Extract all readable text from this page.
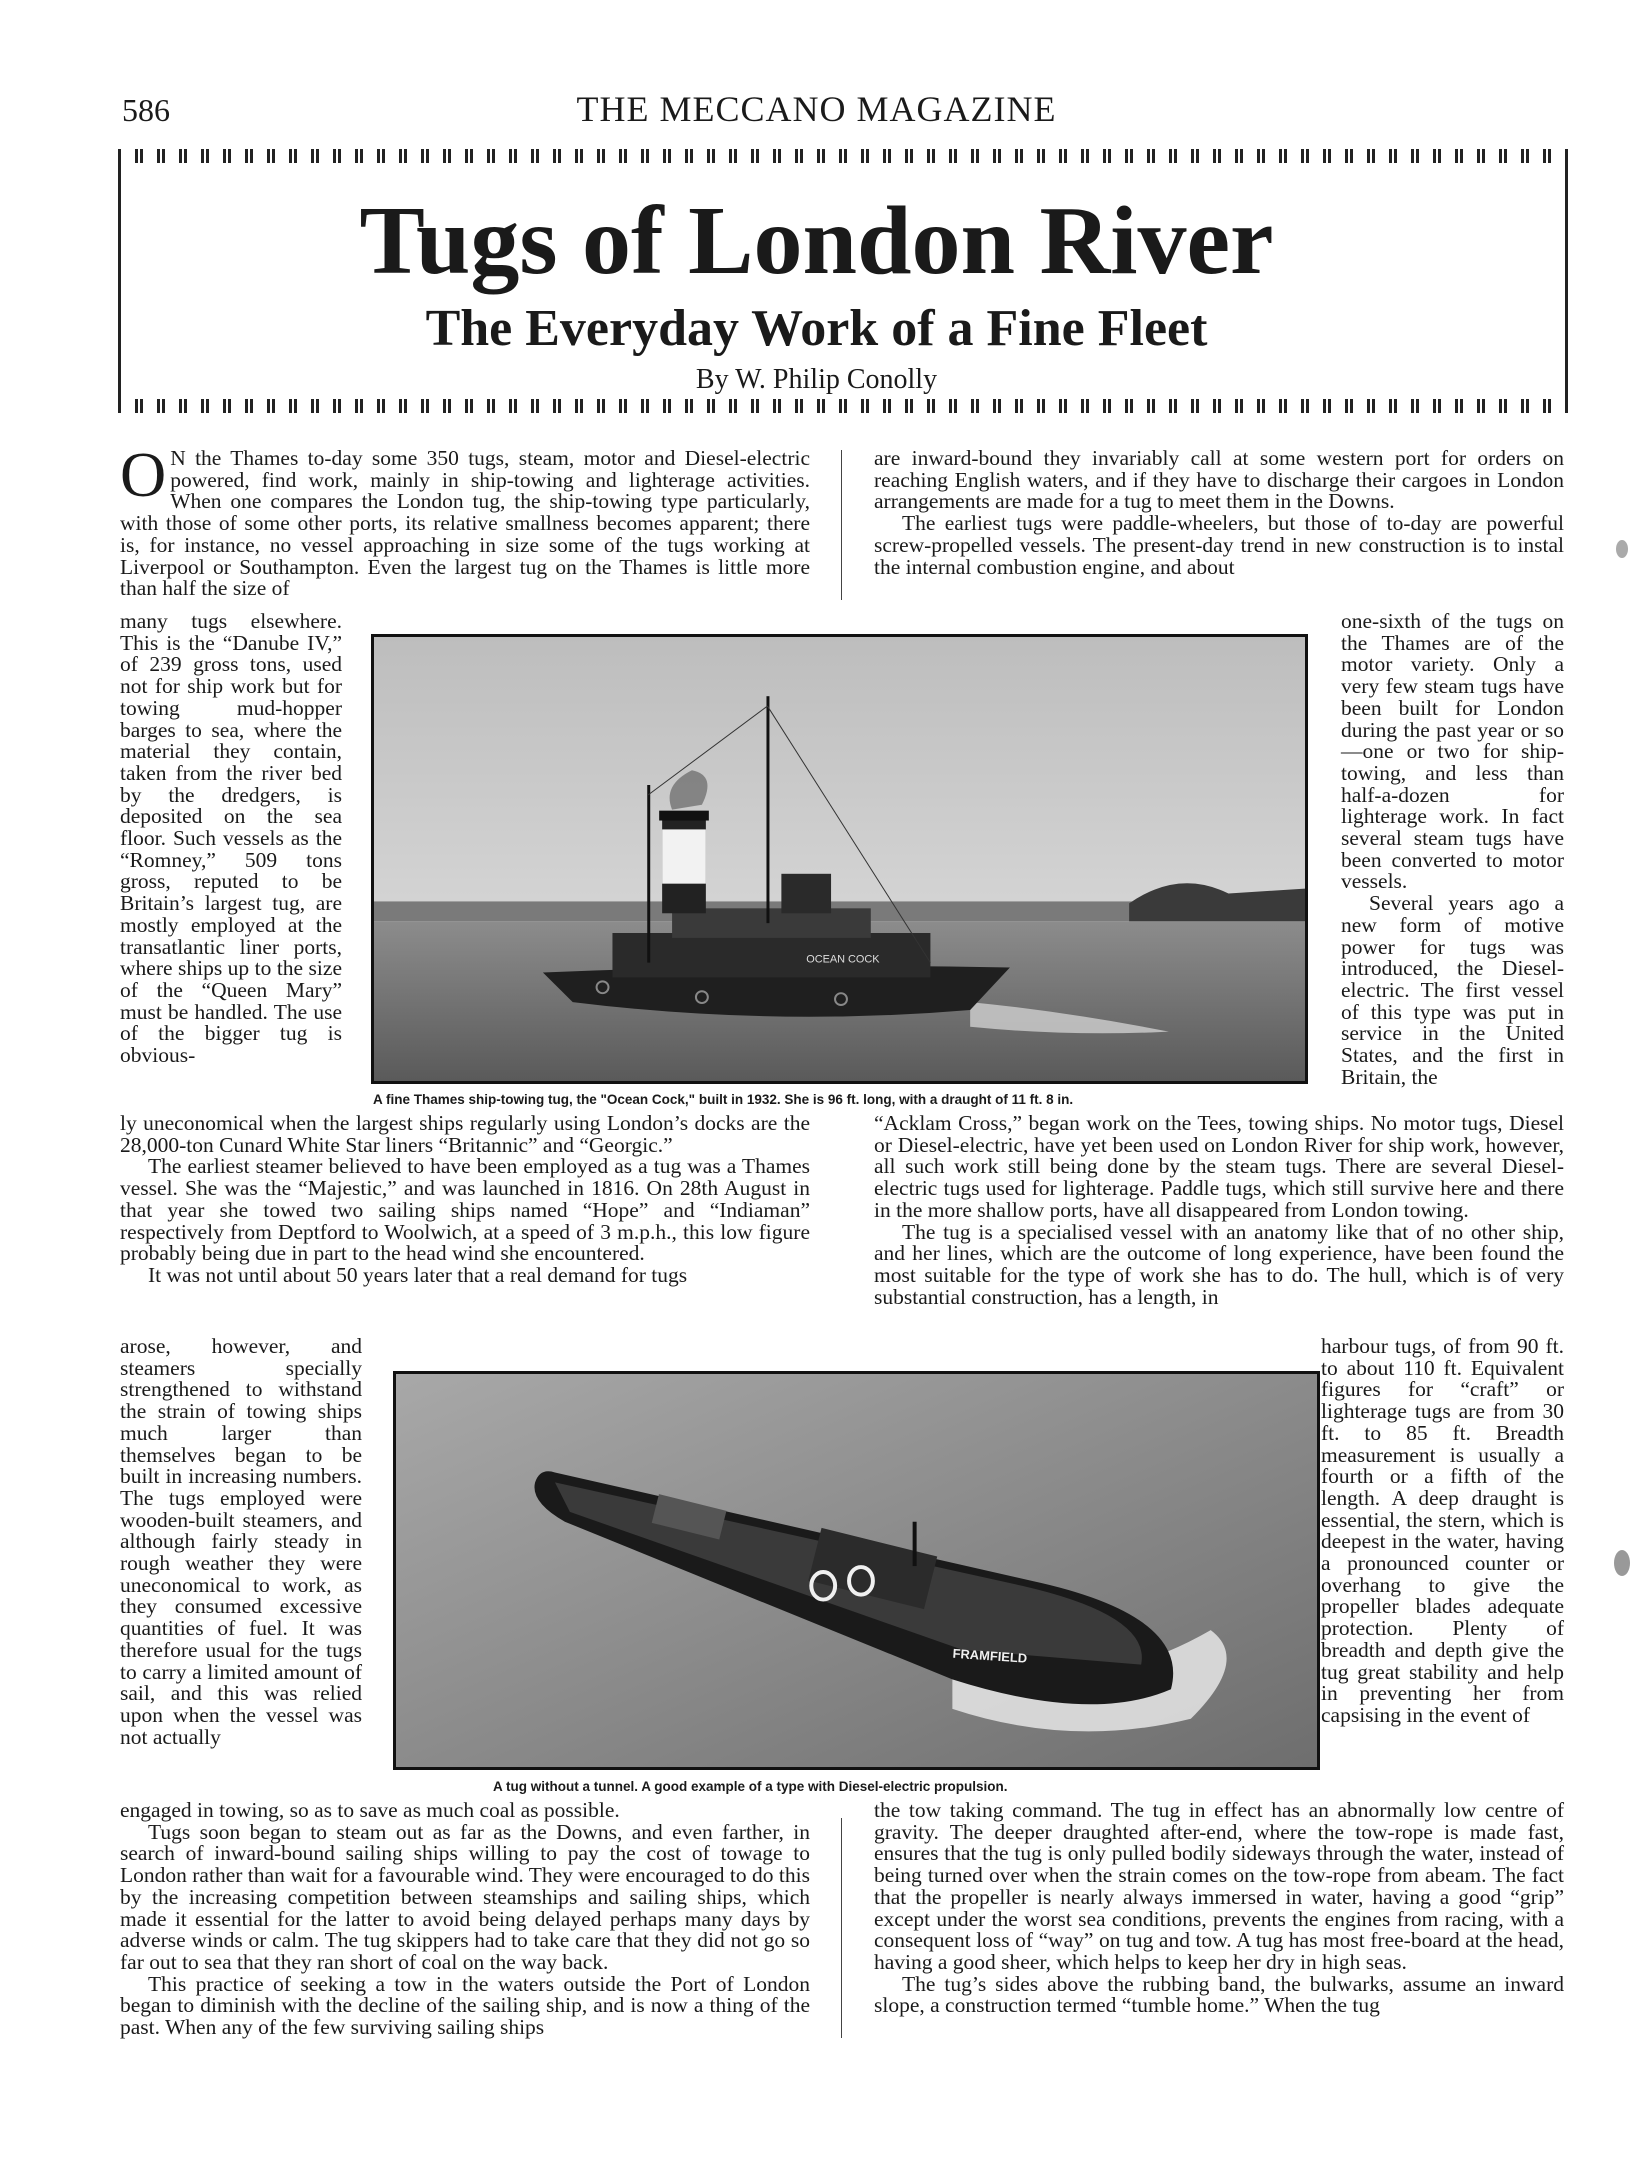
586	THE MECCANO MAGAZINE
Tugs of London River
The Everyday Work of a Fine Fleet
By W. Philip Conolly

O N the Thames to-day some 350 tugs, steam, motor and Diesel-electric powered, find work, mainly in ship-towing and lighterage activities. When one compares the London tug, the ship-towing type particularly, with those of some other ports, its relative smallness becomes apparent; there is, for instance, no vessel approaching in size some of the tugs working at Liverpool or Southampton. Even the largest tug on the Thames is little more than half the size of

many tugs elsewhere. This is the “Danube IV,” of 239 gross tons, used not for ship work but for towing mud-hopper barges to sea, where the material they contain, taken from the river bed by the dredgers, is deposited on the sea floor. Such vessels as the “Romney,” 509 tons gross, reputed to be Britain’s largest tug, are mostly employed at the transatlantic liner ports, where ships up to the size of the “Queen Mary” must be handled. The use of the bigger tug is obvious-

ly uneconomical when the largest ships regularly using London’s docks are the 28,000-ton Cunard White Star liners “Britannic” and “Georgic.”

The earliest steamer believed to have been employed as a tug was a Thames vessel. She was the “Majestic,” and was launched in 1816. On 28th August in that year she towed two sailing ships named “Hope” and “Indiaman” respectively from Deptford to Woolwich, at a speed of 3 m.p.h., this low figure probably being due in part to the head wind she encountered.

It was not until about 50 years later that a real demand for tugs

arose, however, and steamers specially strengthened to withstand the strain of towing ships much larger than themselves began to be built in increasing numbers. The tugs employed were wooden-built steamers, and although fairly steady in rough weather they were uneconomical to work, as they consumed excessive quantities of fuel. It was therefore usual for the tugs to carry a limited amount of sail, and this was relied upon when the vessel was not actually

engaged in towing, so as to save as much coal as possible.

Tugs soon began to steam out as far as the Downs, and even farther, in search of inward-bound sailing ships willing to pay the cost of towage to London rather than wait for a favourable wind. They were encouraged to do this by the increasing competition between steamships and sailing ships, which made it essential for the latter to avoid being delayed perhaps many days by adverse winds or calm. The tug skippers had to take care that they did not go so far out to sea that they ran short of coal on the way back.

This practice of seeking a tow in the waters outside the Port of London began to diminish with the decline of the sailing ship, and is now a thing of the past. When any of the few surviving sailing ships

are inward-bound they invariably call at some western port for orders on reaching English waters, and if they have to discharge their cargoes in London arrangements are made for a tug to meet them in the Downs.

The earliest tugs were paddle-wheelers, but those of to-day are powerful screw-propelled vessels. The present-day trend in new construction is to instal the internal combustion engine, and about

one-sixth of the tugs on the Thames are of the motor variety. Only a very few steam tugs have been built for London during the past year or so—one or two for ship-towing, and less than half-a-dozen for lighterage work. In fact several steam tugs have been converted to motor vessels.

Several years ago a new form of motive power for tugs was introduced, the Diesel-electric. The first vessel of this type was put in service in the United States, and the first in Britain, the

“Acklam Cross,” began work on the Tees, towing ships. No motor tugs, Diesel or Diesel-electric, have yet been used on London River for ship work, however, all such work still being done by the steam tugs. There are several Diesel-electric tugs used for lighterage. Paddle tugs, which still survive here and there in the more shallow ports, have all disappeared from London towing.

The tug is a specialised vessel with an anatomy like that of no other ship, and her lines, which are the outcome of long experience, have been found the most suitable for the type of work she has to do. The hull, which is of very substantial construction, has a length, in

harbour tugs, of from 90 ft. to about 110 ft. Equivalent figures for “craft” or lighterage tugs are from 30 ft. to 85 ft. Breadth measurement is usually a fourth or a fifth of the length. A deep draught is essential, the stern, which is deepest in the water, having a pronounced counter or overhang to give the propeller blades adequate protection. Plenty of breadth and depth give the tug great stability and help in preventing her from capsising in the event of

the tow taking command. The tug in effect has an abnormally low centre of gravity. The deeper draughted after-end, where the tow-rope is made fast, ensures that the tug is only pulled bodily sideways through the water, instead of being turned over when the strain comes on the tow-rope from abeam. The fact that the propeller is nearly always immersed in water, having a good “grip” except under the worst sea conditions, prevents the engines from racing, with a consequent loss of “way” on tug and tow. A tug has most free-board at the head, having a good sheer, which helps to keep her dry in high seas.

The tug’s sides above the rubbing band, the bulwarks, assume an inward slope, a construction termed “tumble home.” When the tug

OCEAN COCK
A fine Thames ship-towing tug, the "Ocean Cock," built in 1932. She is 96 ft. long, with a draught of 11 ft. 8 in.
FRAMFIELD
A tug without a tunnel. A good example of a type with Diesel-electric propulsion.
